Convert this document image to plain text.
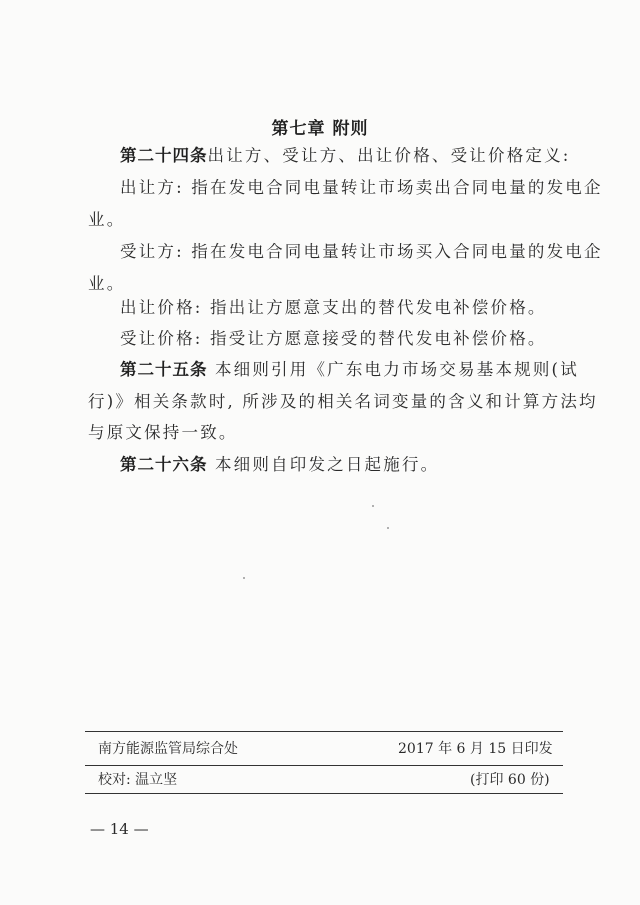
第七章 附则
第二十四条出让方、受让方、出让价格、受让价格定义:
出让方: 指在发电合同电量转让市场卖出合同电量的发电企
业。
受让方: 指在发电合同电量转让市场买入合同电量的发电企
业。
出让价格: 指出让方愿意支出的替代发电补偿价格。
受让价格: 指受让方愿意接受的替代发电补偿价格。
第二十五条 本细则引用《广东电力市场交易基本规则(试
行)》相关条款时, 所涉及的相关名词变量的含义和计算方法均
与原文保持一致。
第二十六条 本细则自印发之日起施行。
南方能源监管局综合处	2017 年 6 月 15 日印发
校对: 温立坚	(打印 60 份)
— 14 —
